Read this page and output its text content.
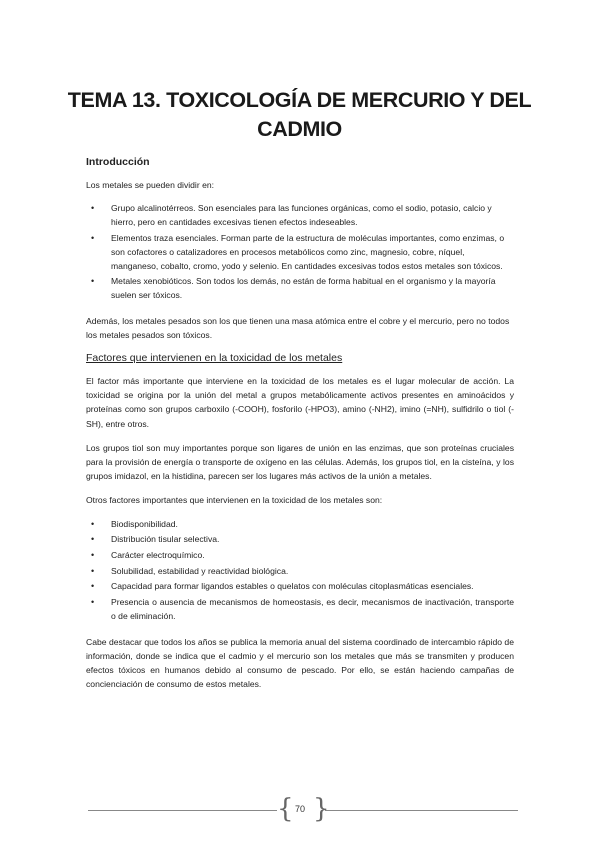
TEMA 13. TOXICOLOGÍA DE MERCURIO Y DEL CADMIO
Introducción

Los metales se pueden dividir en:

• Grupo alcalinotérreos. Son esenciales para las funciones orgánicas, como el sodio, potasio, calcio y hierro, pero en cantidades excesivas tienen efectos indeseables.
• Elementos traza esenciales. Forman parte de la estructura de moléculas importantes, como enzimas, o son cofactores o catalizadores en procesos metabólicos como zinc, magnesio, cobre, níquel, manganeso, cobalto, cromo, yodo y selenio. En cantidades excesivas todos estos metales son tóxicos.
• Metales xenobióticos. Son todos los demás, no están de forma habitual en el organismo y la mayoría suelen ser tóxicos.

Además, los metales pesados son los que tienen una masa atómica entre el cobre y el mercurio, pero no todos los metales pesados son tóxicos.

Factores que intervienen en la toxicidad de los metales

El factor más importante que interviene en la toxicidad de los metales es el lugar molecular de acción. La toxicidad se origina por la unión del metal a grupos metabólicamente activos presentes en aminoácidos y proteínas como son grupos carboxilo (-COOH), fosforilo (-HPO3), amino (-NH2), imino (=NH), sulfidrilo o tiol (-SH), entre otros.

Los grupos tiol son muy importantes porque son ligares de unión en las enzimas, que son proteínas cruciales para la provisión de energía o transporte de oxígeno en las células. Además, los grupos tiol, en la cisteína, y los grupos imidazol, en la histidina, parecen ser los lugares más activos de la unión a metales.

Otros factores importantes que intervienen en la toxicidad de los metales son:

• Biodisponibilidad.
• Distribución tisular selectiva.
• Carácter electroquímico.
• Solubilidad, estabilidad y reactividad biológica.
• Capacidad para formar ligandos estables o quelatos con moléculas citoplasmáticas esenciales.
• Presencia o ausencia de mecanismos de homeostasis, es decir, mecanismos de inactivación, transporte o de eliminación.

Cabe destacar que todos los años se publica la memoria anual del sistema coordinado de intercambio rápido de información, donde se indica que el cadmio y el mercurio son los metales que más se transmiten y producen efectos tóxicos en humanos debido al consumo de pescado. Por ello, se están haciendo campañas de concienciación de consumo de estos metales.

{ 70 }
